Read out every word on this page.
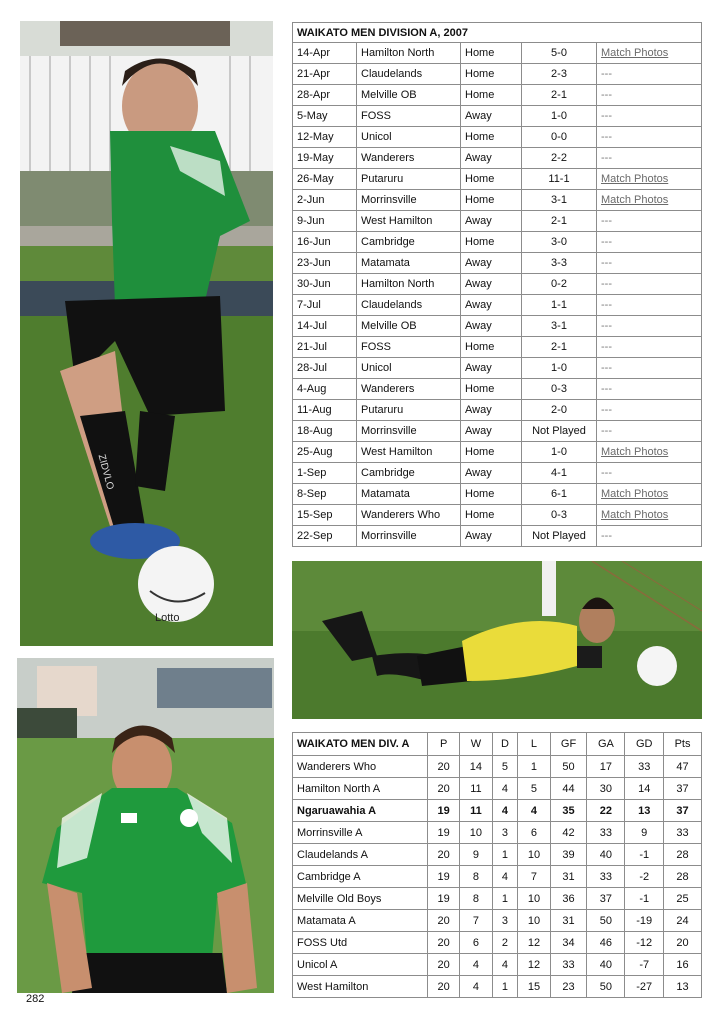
Lotto
ZIDVLO
WAIKATO MEN DIVISION A, 2007				
14-Apr	Hamilton North	Home	5-0	Match Photos
21-Apr	Claudelands	Home	2-3	---
28-Apr	Melville OB	Home	2-1	---
5-May	FOSS	Away	1-0	---
12-May	Unicol	Home	0-0	---
19-May	Wanderers	Away	2-2	---
26-May	Putaruru	Home	11-1	Match Photos
2-Jun	Morrinsville	Home	3-1	Match Photos
9-Jun	West Hamilton	Away	2-1	---
16-Jun	Cambridge	Home	3-0	---
23-Jun	Matamata	Away	3-3	---
30-Jun	Hamilton North	Away	0-2	---
7-Jul	Claudelands	Away	1-1	---
14-Jul	Melville OB	Away	3-1	---
21-Jul	FOSS	Home	2-1	---
28-Jul	Unicol	Away	1-0	---
4-Aug	Wanderers	Home	0-3	---
11-Aug	Putaruru	Away	2-0	---
18-Aug	Morrinsville	Away	Not Played	---
25-Aug	West Hamilton	Home	1-0	Match Photos
1-Sep	Cambridge	Away	4-1	---
8-Sep	Matamata	Home	6-1	Match Photos
15-Sep	Wanderers Who	Home	0-3	Match Photos
22-Sep	Morrinsville	Away	Not Played	---
WAIKATO MEN DIV. A	P	W	D	L	GF	GA	GD	Pts
Wanderers Who	20	14	5	1	50	17	33	47
Hamilton North A	20	11	4	5	44	30	14	37
Ngaruawahia A	19	11	4	4	35	22	13	37
Morrinsville A	19	10	3	6	42	33	9	33
Claudelands A	20	9	1	10	39	40	-1	28
Cambridge A	19	8	4	7	31	33	-2	28
Melville Old Boys	19	8	1	10	36	37	-1	25
Matamata A	20	7	3	10	31	50	-19	24
FOSS Utd	20	6	2	12	34	46	-12	20
Unicol A	20	4	4	12	33	40	-7	16
West Hamilton	20	4	1	15	23	50	-27	13
282
